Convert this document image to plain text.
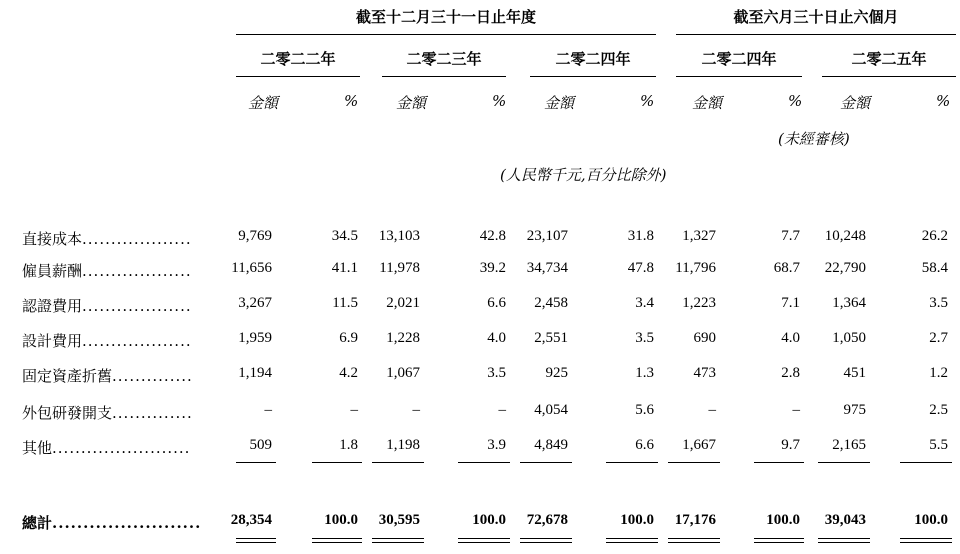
截至十二月三十一日止年度	截至六月三十日止六個月
二零二二年	二零二三年	二零二四年	二零二四年	二零二五年
金額	%	金額	%	金額	%	金額	%	金額	%
(未經審核)
(人民幣千元,百分比除外)
直接成本...................	9,769	34.5	13,103	42.8	23,107	31.8	1,327	7.7	10,248	26.2
僱員薪酬...................	11,656	41.1	11,978	39.2	34,734	47.8	11,796	68.7	22,790	58.4
認證費用...................	3,267	11.5	2,021	6.6	2,458	3.4	1,223	7.1	1,364	3.5
設計費用...................	1,959	6.9	1,228	4.0	2,551	3.5	690	4.0	1,050	2.7
固定資產折舊..............	1,194	4.2	1,067	3.5	925	1.3	473	2.8	451	1.2
外包研發開支..............	–	–	–	–	4,054	5.6	–	–	975	2.5
其他........................	509	1.8	1,198	3.9	4,849	6.6	1,667	9.7	2,165	5.5
總計........................	28,354	100.0	30,595	100.0	72,678	100.0	17,176	100.0	39,043	100.0
